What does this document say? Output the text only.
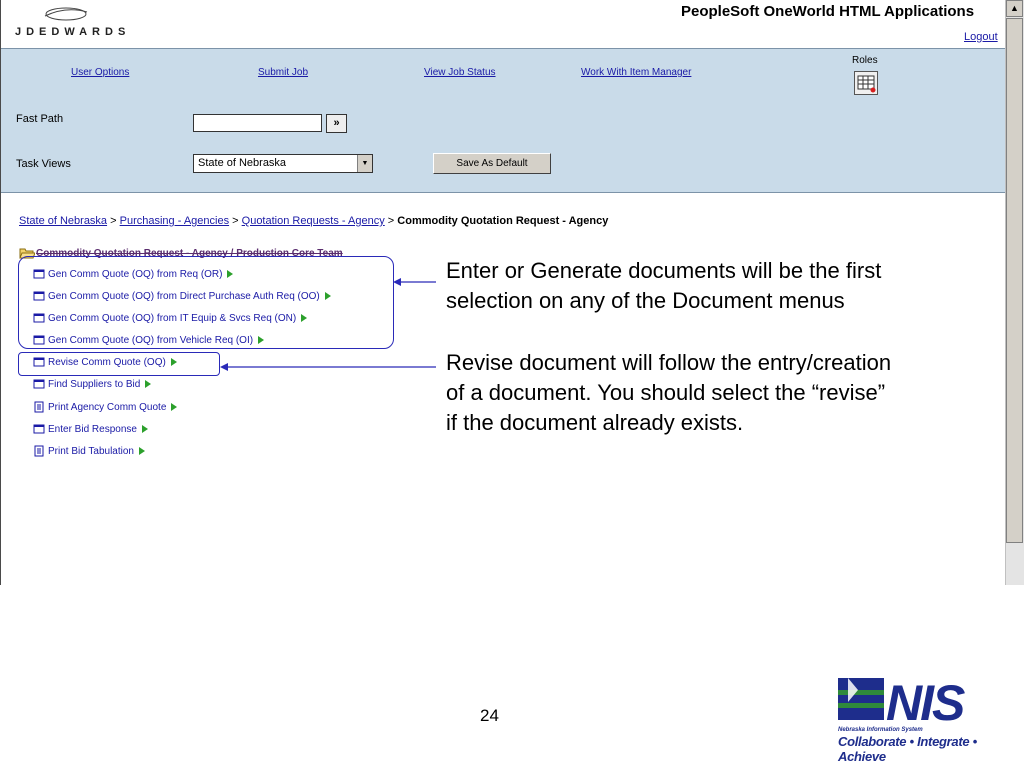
JDEDWARDS
PeopleSoft OneWorld HTML Applications
Logout
User Options	Submit Job	View Job Status	Work With Item Manager
Fast Path
Task Views
Roles
»
State of Nebraska	▼	Save As Default
State of Nebraska > Purchasing - Agencies > Quotation Requests - Agency > Commodity Quotation Request - Agency
Commodity Quotation Request - Agency / Production Core Team
Gen Comm Quote (OQ) from Req (OR)
Gen Comm Quote (OQ) from Direct Purchase Auth Req (OO)
Gen Comm Quote (OQ) from IT Equip & Svcs Req (ON)
Gen Comm Quote (OQ) from Vehicle Req (OI)
Revise Comm Quote (OQ)
Find Suppliers to Bid
Print Agency Comm Quote
Enter Bid Response
Print Bid Tabulation
▲
Enter or Generate documents will be the first
selection on any of the Document menus
Revise document will follow the entry/creation
of a document. You should select the “revise”
if the document already exists.
24	NIS
Nebraska Information System
Collaborate • Integrate • Achieve
